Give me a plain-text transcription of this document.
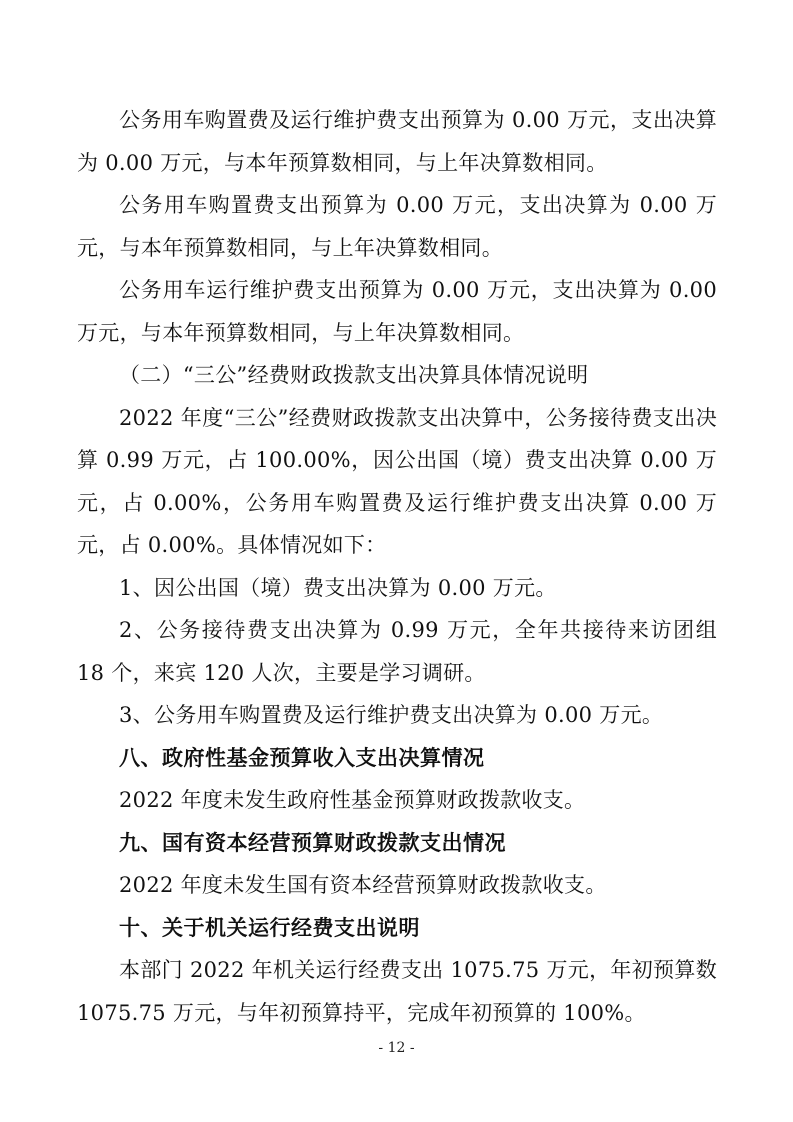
公务用车购置费及运行维护费支出预算为 0.00 万元，支出决算为 0.00 万元，与本年预算数相同，与上年决算数相同。

公务用车购置费支出预算为 0.00 万元，支出决算为 0.00 万元，与本年预算数相同，与上年决算数相同。

公务用车运行维护费支出预算为 0.00 万元，支出决算为 0.00 万元，与本年预算数相同，与上年决算数相同。

（二）“三公”经费财政拨款支出决算具体情况说明

2022 年度“三公”经费财政拨款支出决算中，公务接待费支出决算 0.99 万元，占 100.00%，因公出国（境）费支出决算 0.00 万元，占 0.00%，公务用车购置费及运行维护费支出决算 0.00 万元，占 0.00%。具体情况如下：

1、因公出国（境）费支出决算为 0.00 万元。

2、公务接待费支出决算为 0.99 万元，全年共接待来访团组 18 个，来宾 120 人次，主要是学习调研。

3、公务用车购置费及运行维护费支出决算为 0.00 万元。

八、政府性基金预算收入支出决算情况

2022 年度未发生政府性基金预算财政拨款收支。

九、国有资本经营预算财政拨款支出情况

2022 年度未发生国有资本经营预算财政拨款收支。

十、关于机关运行经费支出说明

本部门 2022 年机关运行经费支出 1075.75 万元，年初预算数 1075.75 万元，与年初预算持平，完成年初预算的 100%。

- 12 -
